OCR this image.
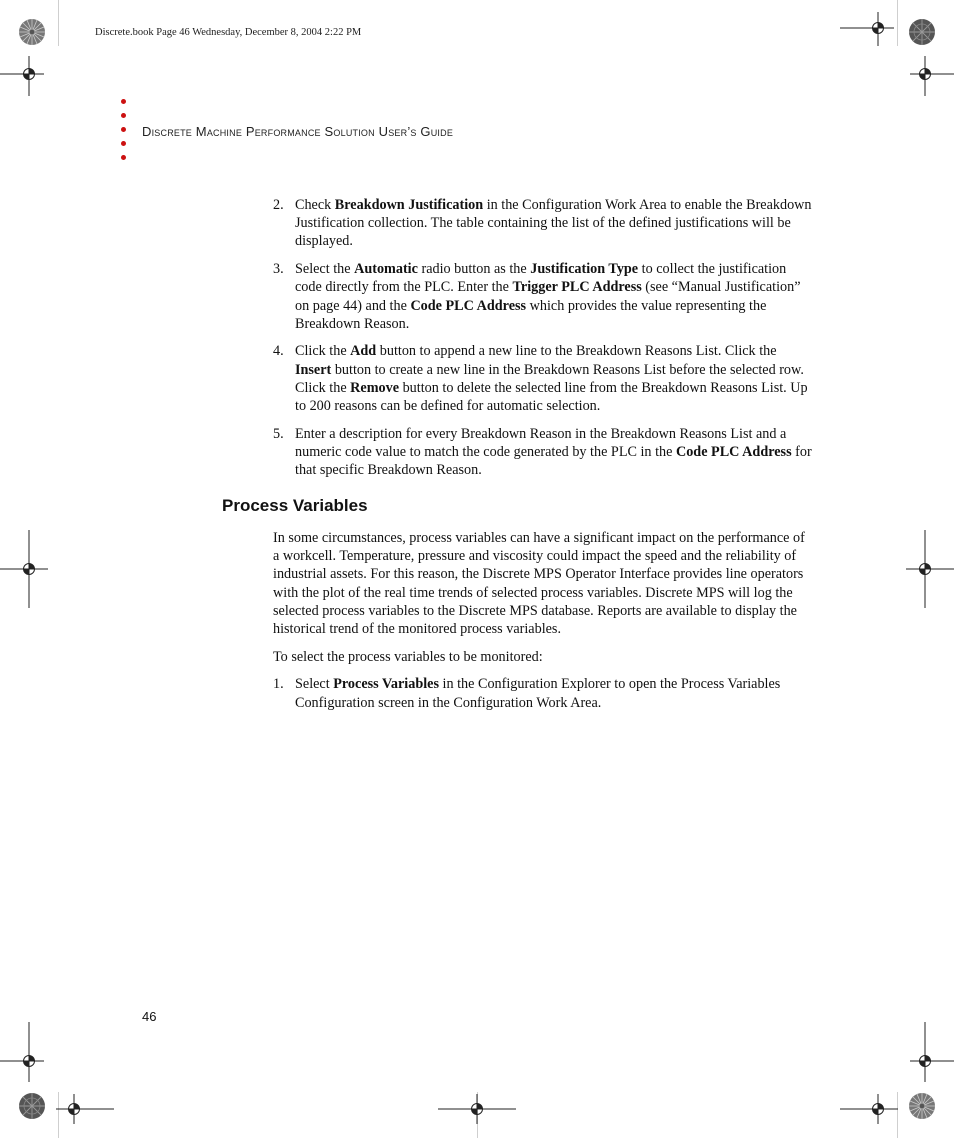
Discrete.book Page 46 Wednesday, December 8, 2004 2:22 PM
Discrete Machine Performance Solution User’s Guide
2. Check Breakdown Justification in the Configuration Work Area to enable the Breakdown Justification collection. The table containing the list of the defined justifications will be displayed.
3. Select the Automatic radio button as the Justification Type to collect the justification code directly from the PLC. Enter the Trigger PLC Address (see “Manual Justification” on page 44) and the Code PLC Address which provides the value representing the Breakdown Reason.
4. Click the Add button to append a new line to the Breakdown Reasons List. Click the Insert button to create a new line in the Breakdown Reasons List before the selected row. Click the Remove button to delete the selected line from the Breakdown Reasons List. Up to 200 reasons can be defined for automatic selection.
5. Enter a description for every Breakdown Reason in the Breakdown Reasons List and a numeric code value to match the code generated by the PLC in the Code PLC Address for that specific Breakdown Reason.
Process Variables

In some circumstances, process variables can have a significant impact on the performance of a workcell. Temperature, pressure and viscosity could impact the speed and the reliability of industrial assets. For this reason, the Discrete MPS Operator Interface provides line operators with the plot of the real time trends of selected process variables. Discrete MPS will log the selected process variables to the Discrete MPS database. Reports are available to display the historical trend of the monitored process variables.

To select the process variables to be monitored:

1. Select Process Variables in the Configuration Explorer to open the Process Variables Configuration screen in the Configuration Work Area.
46
